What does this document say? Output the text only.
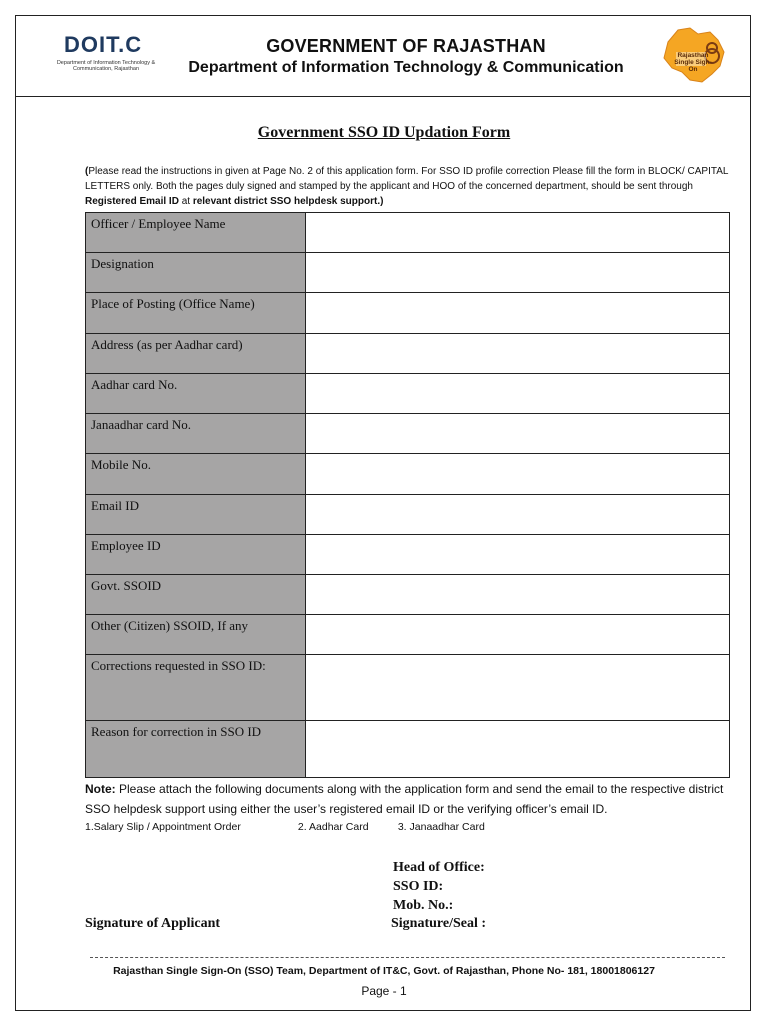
DOIT.C
Department of Information Technology & Communication, Rajasthan
GOVERNMENT OF RAJASTHAN
Department of Information Technology & Communication
Rajasthan Single Sign-On
Government SSO ID Updation Form
(Please read the instructions in given at Page No. 2 of this application form. For SSO ID profile correction Please fill the form in BLOCK/ CAPITAL LETTERS only. Both the pages duly signed and stamped by the applicant and HOO of the concerned department, should be sent through Registered Email ID at relevant district SSO helpdesk support.)
Officer / Employee Name	
Designation	
Place of Posting (Office Name)	
Address (as per Aadhar card)	
Aadhar card No.	
Janaadhar card No.	
Mobile No.	
Email ID	
Employee ID	
Govt. SSOID	
Other (Citizen) SSOID, If any	
Corrections requested in SSO ID:	
Reason for correction in SSO ID	
Note: Please attach the following documents along with the application form and send the email to the respective district SSO helpdesk support using either the user’s registered email ID or the verifying officer’s email ID.
1.Salary Slip / Appointment Order	2. Aadhar Card	3. Janaadhar Card
Head of Office:
SSO ID:
Mob. No.:
Signature of Applicant	Signature/Seal :
Rajasthan Single Sign-On (SSO) Team, Department of IT&C, Govt. of Rajasthan, Phone No- 181, 18001806127
Page - 1
